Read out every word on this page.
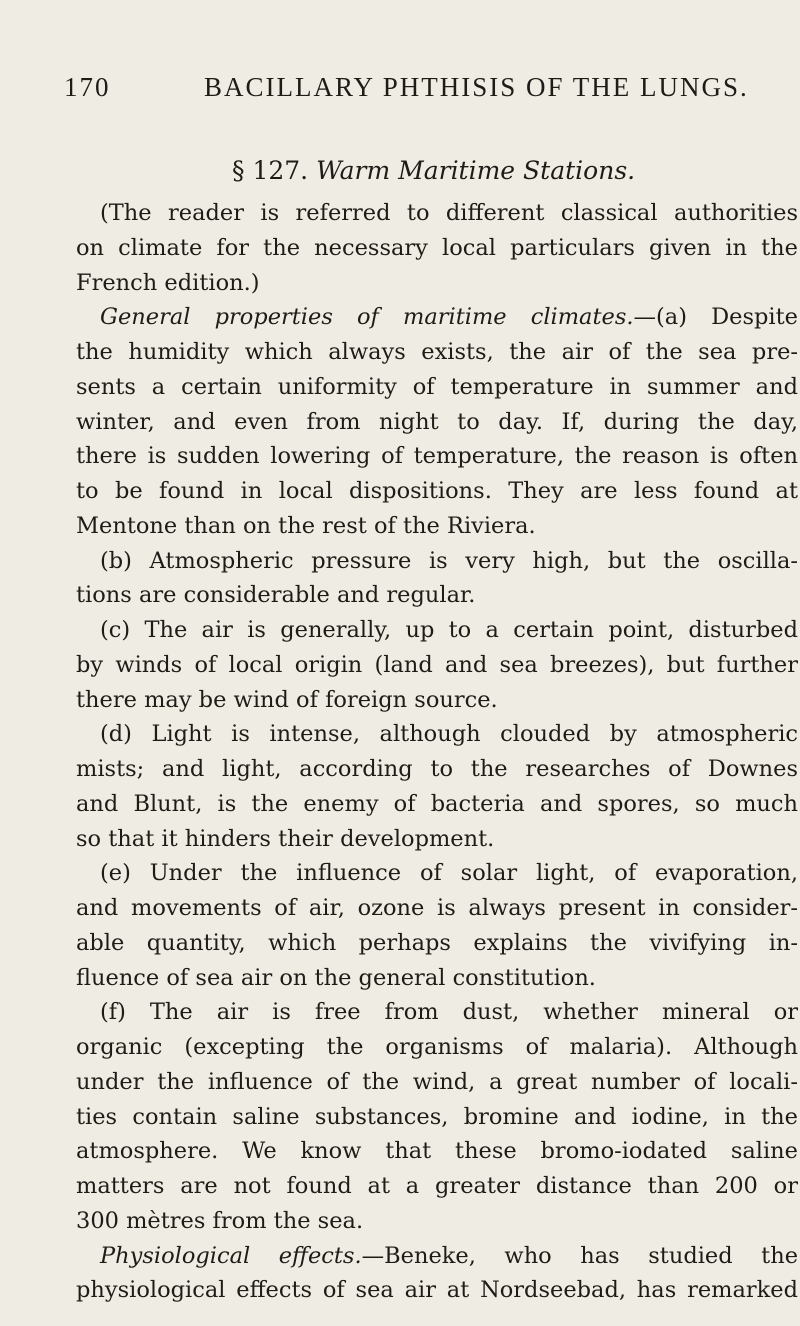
170	BACILLARY PHTHISIS OF THE LUNGS.
§ 127. Warm Maritime Stations.
(The reader is referred to different classical authorities
on climate for the necessary local particulars given in the
French edition.)
General properties of maritime climates.—(a) Despite
the humidity which always exists, the air of the sea pre-
sents a certain uniformity of temperature in summer and
winter, and even from night to day. If, during the day,
there is sudden lowering of temperature, the reason is often
to be found in local dispositions. They are less found at
Mentone than on the rest of the Riviera.
(b) Atmospheric pressure is very high, but the oscilla-
tions are considerable and regular.
(c) The air is generally, up to a certain point, disturbed
by winds of local origin (land and sea breezes), but further
there may be wind of foreign source.
(d) Light is intense, although clouded by atmospheric
mists; and light, according to the researches of Downes
and Blunt, is the enemy of bacteria and spores, so much
so that it hinders their development.
(e) Under the influence of solar light, of evaporation,
and movements of air, ozone is always present in consider-
able quantity, which perhaps explains the vivifying in-
fluence of sea air on the general constitution.
(f) The air is free from dust, whether mineral or
organic (excepting the organisms of malaria). Although
under the influence of the wind, a great number of locali-
ties contain saline substances, bromine and iodine, in the
atmosphere. We know that these bromo-iodated saline
matters are not found at a greater distance than 200 or
300 mètres from the sea.
Physiological effects.—Beneke, who has studied the
physiological effects of sea air at Nordseebad, has remarked
